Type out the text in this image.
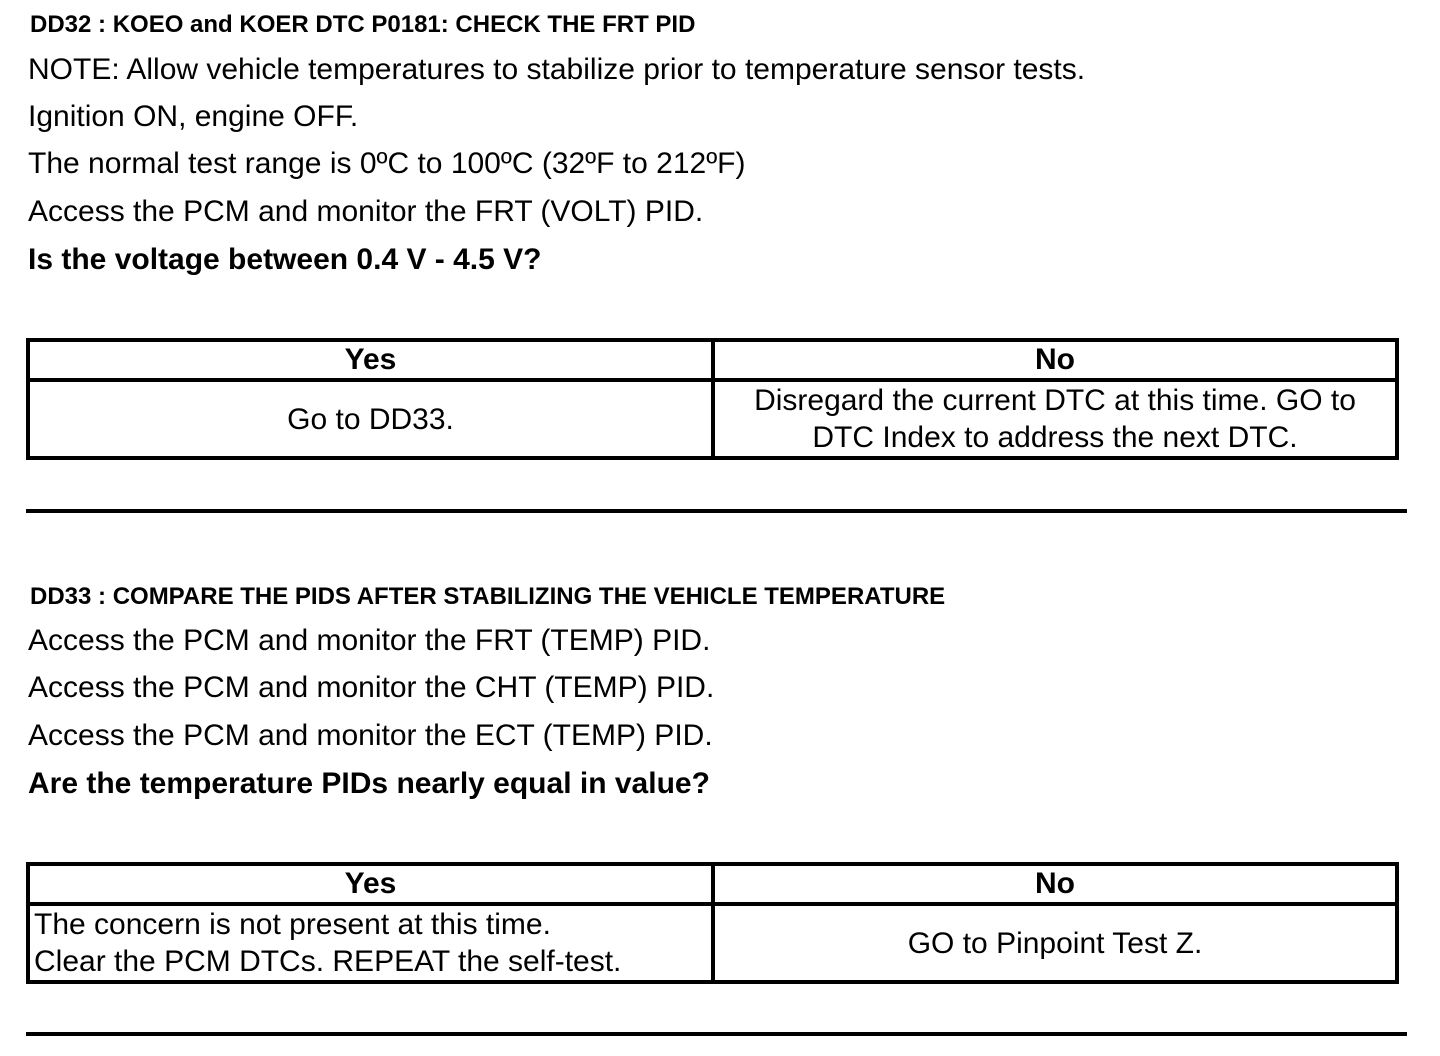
DD32 : KOEO and KOER DTC P0181: CHECK THE FRT PID
NOTE: Allow vehicle temperatures to stabilize prior to temperature sensor tests.
Ignition ON, engine OFF.
The normal test range is 0ºC to 100ºC (32ºF to 212ºF)
Access the PCM and monitor the FRT (VOLT) PID.
Is the voltage between 0.4 V - 4.5 V?
Yes	No
Go to DD33.	Disregard the current DTC at this time. GO to
DTC Index to address the next DTC.
DD33 : COMPARE THE PIDS AFTER STABILIZING THE VEHICLE TEMPERATURE
Access the PCM and monitor the FRT (TEMP) PID.
Access the PCM and monitor the CHT (TEMP) PID.
Access the PCM and monitor the ECT (TEMP) PID.
Are the temperature PIDs nearly equal in value?
Yes	No

The concern is not present at this time.
Clear the PCM DTCs. REPEAT the self-test.	GO to Pinpoint Test Z.
